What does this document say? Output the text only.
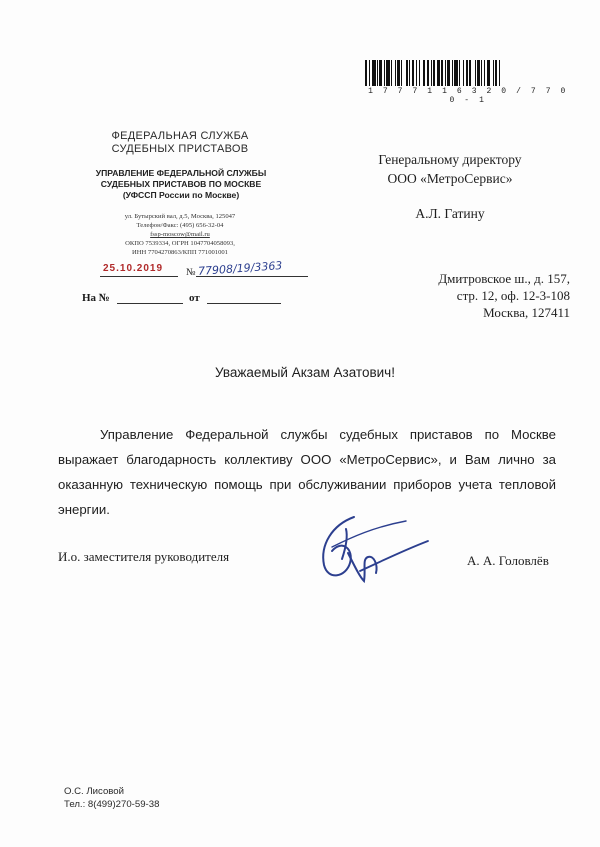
1 7 7 7 1 1 6 3 2 0 / 7 7 0 0 - 1
ФЕДЕРАЛЬНАЯ СЛУЖБА
СУДЕБНЫХ ПРИСТАВОВ
УПРАВЛЕНИЕ ФЕДЕРАЛЬНОЙ СЛУЖБЫ
СУДЕБНЫХ ПРИСТАВОВ ПО МОСКВЕ
(УФССП России по Москве)
ул. Бутырский вал, д.5, Москва, 125047
Телефон/Факс: (495) 656-32-04
fssp-moscow@mail.ru
ОКПО 7539334, ОГРН 1047704058093,
ИНН 7704270863/КПП 771001001
25.10.2019 № 77908/19/3363
На №	от
Генеральному директору
ООО «МетроСервис»
А.Л. Гатину
Дмитровское ш., д. 157,
стр. 12, оф. 12-3-108
Москва, 127411
Уважаемый Акзам Азатович!
Управление Федеральной службы судебных приставов по Москве выражает благодарность коллективу ООО «МетроСервис», и Вам лично за оказанную техническую помощь при обслуживании приборов учета тепловой энергии.
И.о. заместителя руководителя	А. А. Головлёв
О.С. Лисовой
Тел.: 8(499)270-59-38
